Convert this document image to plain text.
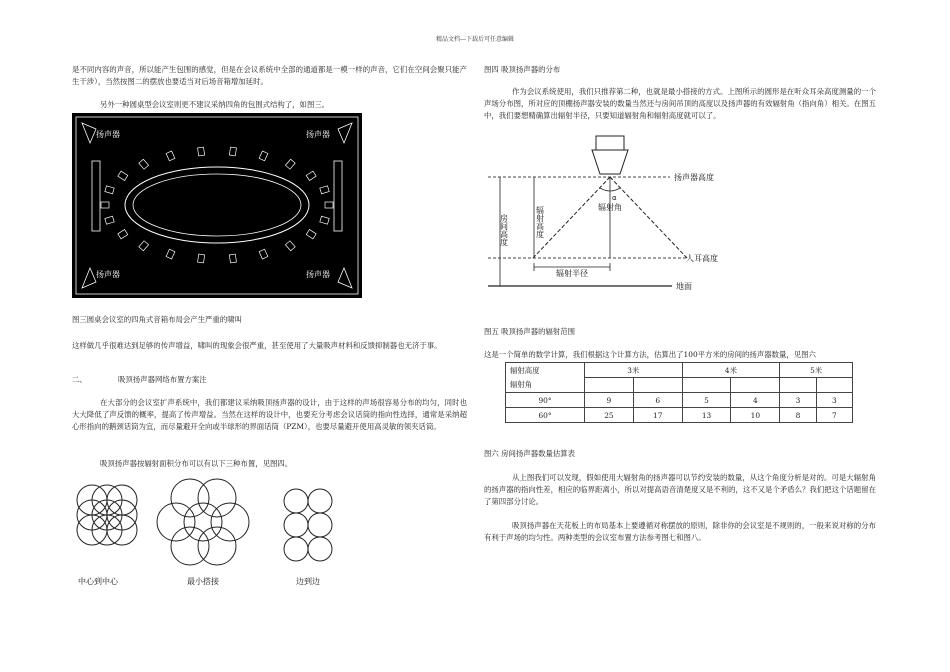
精品文档---下载后可任意编辑
是不同内容的声音，所以能产生包围的感觉，但是在会议系统中全部的通道都是一模一样的声音，它们在空间会聚只能产生干涉），当然按图二的摆放也要适当对后场音箱增加延时。
另外一种圆桌型会议室则更不建议采纳四角的包围式结构了，如图三。
扬声器	扬声器
扬声器	扬声器
图三圆桌会议室的四角式音箱布局会产生严重的啸叫
这样做几乎很难达到足够的传声增益，啸叫的现象会很严重，甚至使用了大量吸声材料和反馈抑制器也无济于事。
二、	吸顶扬声器网络布置方案注
在大部分的会议室扩声系统中，我们都建议采纳吸顶扬声器的设计，由于这样的声场很容易分布的均匀，同时也大大降低了声反馈的概率，提高了传声增益。当然在这样的设计中，也要充分考虑会议话筒的指向性选择，通常是采纳超心形指向的鹅颈话筒为宜，而尽量避开全向或半球形的界面话筒（PZM），也要尽量避开使用高灵敏的领夹话筒。
吸顶扬声器按辐射面积分布可以有以下三种布置，见图四。
中心到中心	最小搭接	边到边
图四 吸顶扬声器的分布
作为会议系统使用，我们只推荐第二种，也就是最小搭接的方式。上图所示的圆形是在听众耳朵高度测量的一个声场分布图，所对应的顶棚扬声器安装的数量当然还与房间吊顶的高度以及扬声器的有效辐射角（指向角）相关。在图五中，我们要想精确算出辐射半径，只要知道辐射角和辐射高度就可以了。
扬声器高度
α
辐射角
人耳高度
辐射高度
房间高度
辐射半径
地面
图五 吸顶扬声器的辐射范围
这是一个简单的数学计算，我们根据这个计算方法，估算出了100平方米的房间的扬声器数量，见图六
辐射高度	3米		4米		5米	
辐射角						
90°	9	6	5	4	3	3
60°	25	17	13	10	8	7
图六 房间扬声器数量估算表
从上图我们可以发现，假如使用大辐射角的扬声器可以节约安装的数量，从这个角度分析是对的。可是大辐射角的扬声器的指向性差，相应的临界距离小，所以对提高语音清楚度又是不利的，这不又是个矛盾么？我们把这个话题留在了第四部分讨论。
吸顶扬声器在天花板上的布局基本上要遵循对称摆放的原则，除非你的会议室是不规则的，一般来说对称的分布有利于声场的均匀性。两种类型的会议室布置方法参考图七和图八。
